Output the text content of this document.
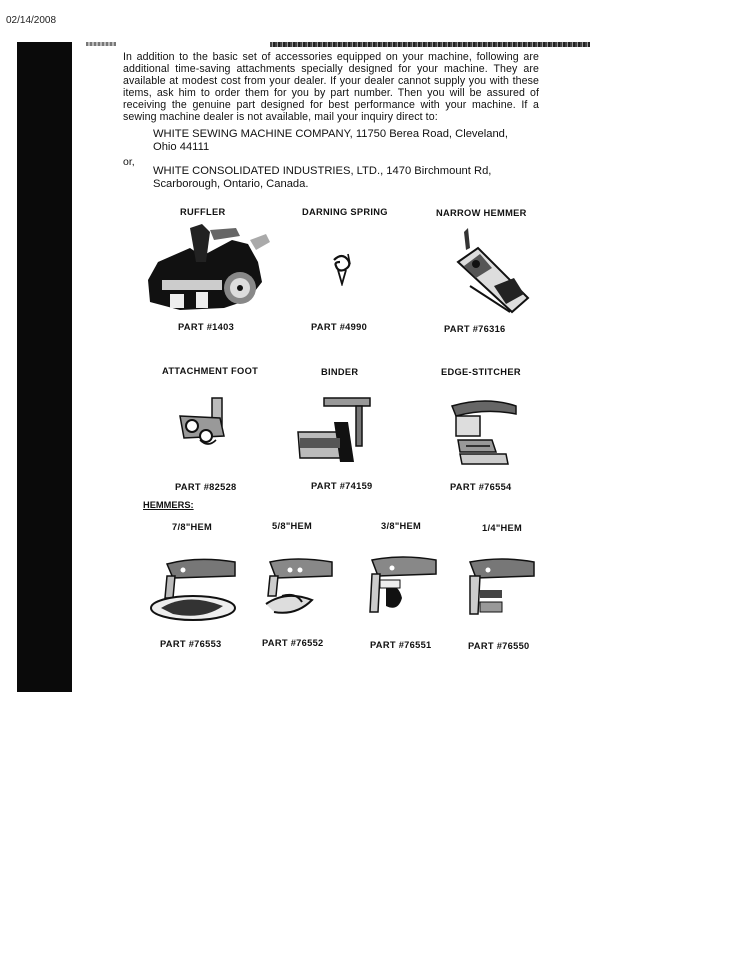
02/14/2008
In addition to the basic set of accessories equipped on your machine, following are additional time-saving attachments specially designed for your machine. They are available at modest cost from your dealer. If your dealer cannot supply you with these items, ask him to order them for you by part number. Then you will be assured of receiving the genuine part designed for best performance with your machine. If a sewing machine dealer is not available, mail your inquiry direct to:
WHITE SEWING MACHINE COMPANY, 11750 Berea Road, Cleveland, Ohio 44111
or,
WHITE CONSOLIDATED INDUSTRIES, LTD., 1470 Birchmount Rd, Scarborough, Ontario, Canada.
RUFFLER	DARNING SPRING	NARROW HEMMER
PART #1403	PART #4990	PART #76316
ATTACHMENT FOOT	BINDER	EDGE-STITCHER
PART #82528	PART #74159	PART #76554
HEMMERS:
7/8"HEM	5/8"HEM	3/8"HEM	1/4"HEM
PART #76553	PART #76552	PART #76551	PART #76550
